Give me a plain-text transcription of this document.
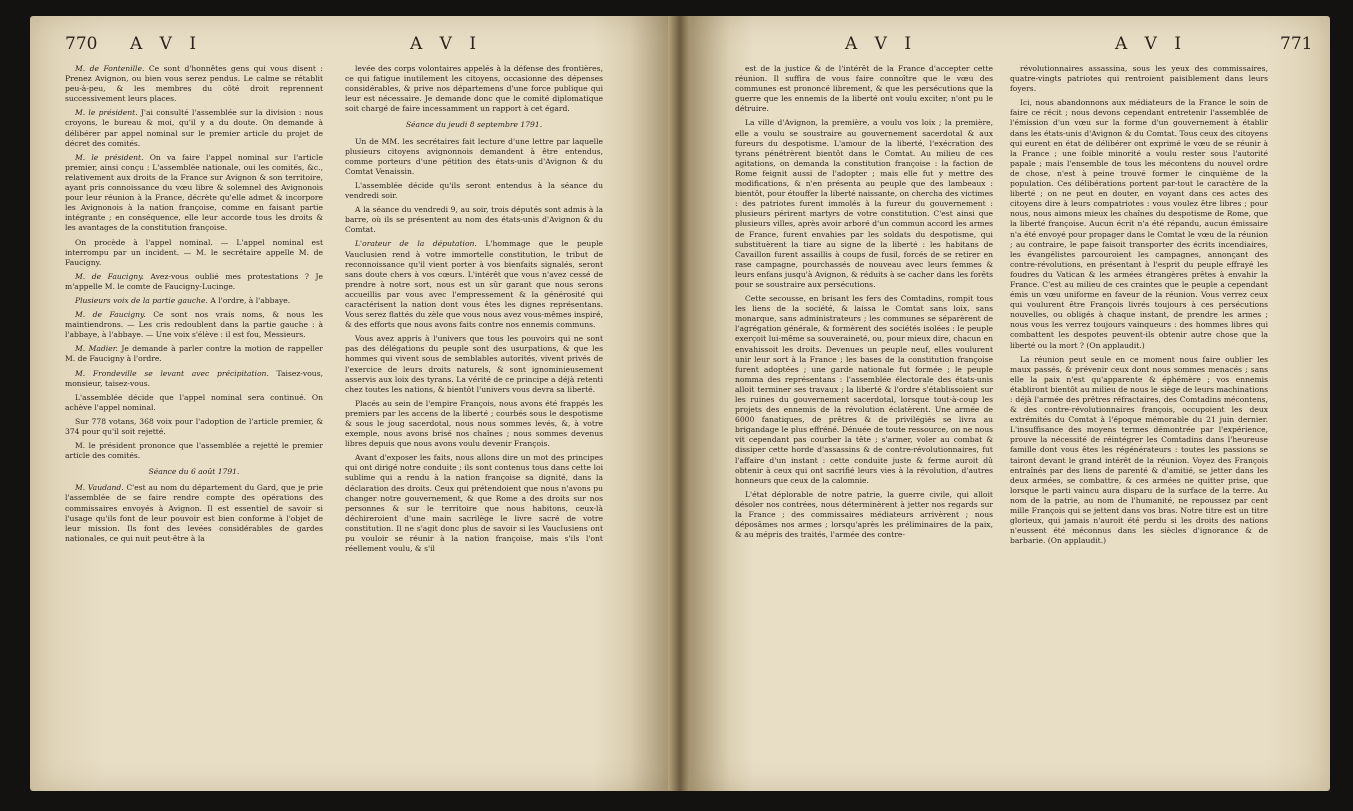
770 A V I	A V I

M. de Fontenille. Ce sont d'honnêtes gens qui vous disent : Prenez Avignon, ou bien vous serez pendus. Le calme se rétablit peu-à-peu, & les membres du côté droit reprennent successivement leurs places.

M. le président. J'ai consulté l'assemblée sur la division : nous croyons, le bureau & moi, qu'il y a du doute. On demande à délibérer par appel nominal sur le premier article du projet de décret des comités.

M. le président. On va faire l'appel nominal sur l'article premier, ainsi conçu : L'assemblée nationale, oui les comités, &c., relativement aux droits de la France sur Avignon & son territoire, ayant pris connoissance du vœu libre & solemnel des Avignonois pour leur réunion à la France, décrète qu'elle admet & incorpore les Avignonois à la nation françoise, comme en faisant partie intégrante ; en conséquence, elle leur accorde tous les droits & les avantages de la constitution françoise.

On procède à l'appel nominal. — L'appel nominal est interrompu par un incident. — M. le secrétaire appelle M. de Faucigny.

M. de Faucigny. Avez-vous oublié mes protestations ? Je m'appelle M. le comte de Faucigny-Lucinge.

Plusieurs voix de la partie gauche. A l'ordre, à l'abbaye.

M. de Faucigny. Ce sont nos vrais noms, & nous les maintiendrons. — Les cris redoublent dans la partie gauche : à l'abbaye, à l'abbaye. — Une voix s'élève : il est fou, Messieurs.

M. Madier. Je demande à parler contre la motion de rappeller M. de Faucigny à l'ordre.

M. Frondeville se levant avec précipitation. Taisez-vous, monsieur, taisez-vous.

L'assemblée décide que l'appel nominal sera continué. On achève l'appel nominal.

Sur 778 votans, 368 voix pour l'adoption de l'article premier, & 374 pour qu'il soit rejetté.

M. le président prononce que l'assemblée a rejetté le premier article des comités.

Séance du 6 août 1791.

M. Vaudand. C'est au nom du département du Gard, que je prie l'assemblée de se faire rendre compte des opérations des commissaires envoyés à Avignon. Il est essentiel de savoir si l'usage qu'ils font de leur pouvoir est bien conforme à l'objet de leur mission. Ils font des levées considérables de gardes nationales, ce qui nuit peut-être à la

levée des corps volontaires appelés à la défense des frontières, ce qui fatigue inutilement les citoyens, occasionne des dépenses considérables, & prive nos départemens d'une force publique qui leur est nécessaire. Je demande donc que le comité diplomatique soit chargé de faire incessamment un rapport à cet égard.

Séance du jeudi 8 septembre 1791.

Un de MM. les secrétaires fait lecture d'une lettre par laquelle plusieurs citoyens avignonnois demandent à être entendus, comme porteurs d'une pétition des états-unis d'Avignon & du Comtat Venaissin.

L'assemblée décide qu'ils seront entendus à la séance du vendredi soir.

A la séance du vendredi 9, au soir, trois députés sont admis à la barre, où ils se présentent au nom des états-unis d'Avignon & du Comtat.

L'orateur de la députation. L'hommage que le peuple Vauclusien rend à votre immortelle constitution, le tribut de reconnoissance qu'il vient porter à vos bienfaits signalés, seront sans doute chers à vos cœurs. L'intérêt que vous n'avez cessé de prendre à notre sort, nous est un sûr garant que nous serons accueillis par vous avec l'empressement & la générosité qui caractérisent la nation dont vous êtes les dignes représentans. Vous serez flattés du zèle que vous nous avez vous-mêmes inspiré, & des efforts que nous avons faits contre nos ennemis communs.

Vous avez appris à l'univers que tous les pouvoirs qui ne sont pas des délégations du peuple sont des usurpations, & que les hommes qui vivent sous de semblables autorités, vivent privés de l'exercice de leurs droits naturels, & sont ignominieusement asservis aux loix des tyrans. La vérité de ce principe a déjà retenti chez toutes les nations, & bientôt l'univers vous devra sa liberté.

Placés au sein de l'empire François, nous avons été frappés les premiers par les accens de la liberté ; courbés sous le despotisme & sous le joug sacerdotal, nous nous sommes levés, &, à votre exemple, nous avons brisé nos chaînes ; nous sommes devenus libres depuis que nous avons voulu devenir François.

Avant d'exposer les faits, nous allons dire un mot des principes qui ont dirigé notre conduite ; ils sont contenus tous dans cette loi sublime qui a rendu à la nation françoise sa dignité, dans la déclaration des droits. Ceux qui prétendoient que nous n'avons pu changer notre gouvernement, & que Rome a des droits sur nos personnes & sur le territoire que nous habitons, ceux-là déchireroient d'une main sacrilège le livre sacré de votre constitution. Il ne s'agit donc plus de savoir si les Vauclusiens ont pu vouloir se réunir à la nation françoise, mais s'ils l'ont réellement voulu, & s'il

A V I	A V I	771

est de la justice & de l'intérêt de la France d'accepter cette réunion. Il suffira de vous faire connoître que le vœu des communes est prononcé librement, & que les persécutions que la guerre que les ennemis de la liberté ont voulu exciter, n'ont pu le détruire.

La ville d'Avignon, la première, a voulu vos loix ; la première, elle a voulu se soustraire au gouvernement sacerdotal & aux fureurs du despotisme. L'amour de la liberté, l'exécration des tyrans pénétrèrent bientôt dans le Comtat. Au milieu de ces agitations, on demanda la constitution françoise : la faction de Rome feignit aussi de l'adopter ; mais elle fut y mettre des modifications, & n'en présenta au peuple que des lambeaux : bientôt, pour étouffer la liberté naissante, on chercha des victimes : des patriotes furent immolés à la fureur du gouvernement : plusieurs périrent martyrs de votre constitution. C'est ainsi que plusieurs villes, après avoir arboré d'un commun accord les armes de France, furent envahies par les soldats du despotisme, qui substituèrent la tiare au signe de la liberté : les habitans de Cavaillon furent assaillis à coups de fusil, forcés de se retirer en rase campagne, pourchassés de nouveau avec leurs femmes & leurs enfans jusqu'à Avignon, & réduits à se cacher dans les forêts pour se soustraire aux persécutions.

Cette secousse, en brisant les fers des Comtadins, rompit tous les liens de la société, & laissa le Comtat sans loix, sans monarque, sans administrateurs ; les communes se séparèrent de l'agrégation générale, & formèrent des sociétés isolées : le peuple exerçoit lui-même sa souveraineté, ou, pour mieux dire, chacun en envahissoit les droits. Devenues un peuple neuf, elles voulurent unir leur sort à la France ; les bases de la constitution françoise furent adoptées ; une garde nationale fut formée ; le peuple nomma des représentans : l'assemblée électorale des états-unis alloit terminer ses travaux ; la liberté & l'ordre s'établissoient sur les ruines du gouvernement sacerdotal, lorsque tout-à-coup les projets des ennemis de la révolution éclatèrent. Une armée de 6000 fanatiques, de prêtres & de privilégiés se livra au brigandage le plus effréné. Dénuée de toute ressource, on ne nous vit cependant pas courber la tête ; s'armer, voler au combat & dissiper cette horde d'assassins & de contre-révolutionnaires, fut l'affaire d'un instant : cette conduite juste & ferme auroit dû obtenir à ceux qui ont sacrifié leurs vies à la révolution, d'autres honneurs que ceux de la calomnie.

L'état déplorable de notre patrie, la guerre civile, qui alloit désoler nos contrées, nous déterminèrent à jetter nos regards sur la France ; des commissaires médiateurs arrivèrent ; nous déposâmes nos armes ; lorsqu'après les préliminaires de la paix, & au mépris des traités, l'armée des contre-

révolutionnaires assassina, sous les yeux des commissaires, quatre-vingts patriotes qui rentroient paisiblement dans leurs foyers.

Ici, nous abandonnons aux médiateurs de la France le soin de faire ce récit ; nous devons cependant entretenir l'assemblée de l'émission d'un vœu sur la forme d'un gouvernement à établir dans les états-unis d'Avignon & du Comtat. Tous ceux des citoyens qui eurent en état de délibérer ont exprimé le vœu de se réunir à la France ; une foible minorité a voulu rester sous l'autorité papale ; mais l'ensemble de tous les mécontens du nouvel ordre de chose, n'est à peine trouvé former le cinquième de la population. Ces délibérations portent par-tout le caractère de la liberté ; on ne peut en douter, en voyant dans ces actes des citoyens dire à leurs compatriotes : vous voulez être libres ; pour nous, nous aimons mieux les chaînes du despotisme de Rome, que la liberté françoise. Aucun écrit n'a été répandu, aucun émissaire n'a été envoyé pour propager dans le Comtat le vœu de la réunion ; au contraire, le pape faisoit transporter des écrits incendiaires, les évangélistes parcouroient les campagnes, annonçant des contre-révolutions, en présentant à l'esprit du peuple effrayé les foudres du Vatican & les armées étrangères prêtes à envahir la France. C'est au milieu de ces craintes que le peuple a cependant émis un vœu uniforme en faveur de la réunion. Vous verrez ceux qui voulurent être François livrés toujours à ces persécutions nouvelles, ou obligés à chaque instant, de prendre les armes ; nous vous les verrez toujours vainqueurs : des hommes libres qui combattent les despotes peuvent-ils obtenir autre chose que la liberté ou la mort ? (On applaudit.)

La réunion peut seule en ce moment nous faire oublier les maux passés, & prévenir ceux dont nous sommes menacés ; sans elle la paix n'est qu'apparente & éphémère ; vos ennemis établiront bientôt au milieu de nous le siège de leurs machinations : déjà l'armée des prêtres réfractaires, des Comtadins mécontens, & des contre-révolutionnaires françois, occupoient les deux extrémités du Comtat à l'époque mémorable du 21 juin dernier. L'insuffisance des moyens termes démontrée par l'expérience, prouve la nécessité de réintégrer les Comtadins dans l'heureuse famille dont vous êtes les régénérateurs : toutes les passions se tairont devant le grand intérêt de la réunion. Voyez des François entraînés par des liens de parenté & d'amitié, se jetter dans les deux armées, se combattre, & ces armées ne quitter prise, que lorsque le parti vaincu aura disparu de la surface de la terre. Au nom de la patrie, au nom de l'humanité, ne repoussez par cent mille François qui se jettent dans vos bras. Notre titre est un titre glorieux, qui jamais n'auroit été perdu si les droits des nations n'eussent été méconnus dans les siècles d'ignorance & de barbarie. (On applaudit.)
